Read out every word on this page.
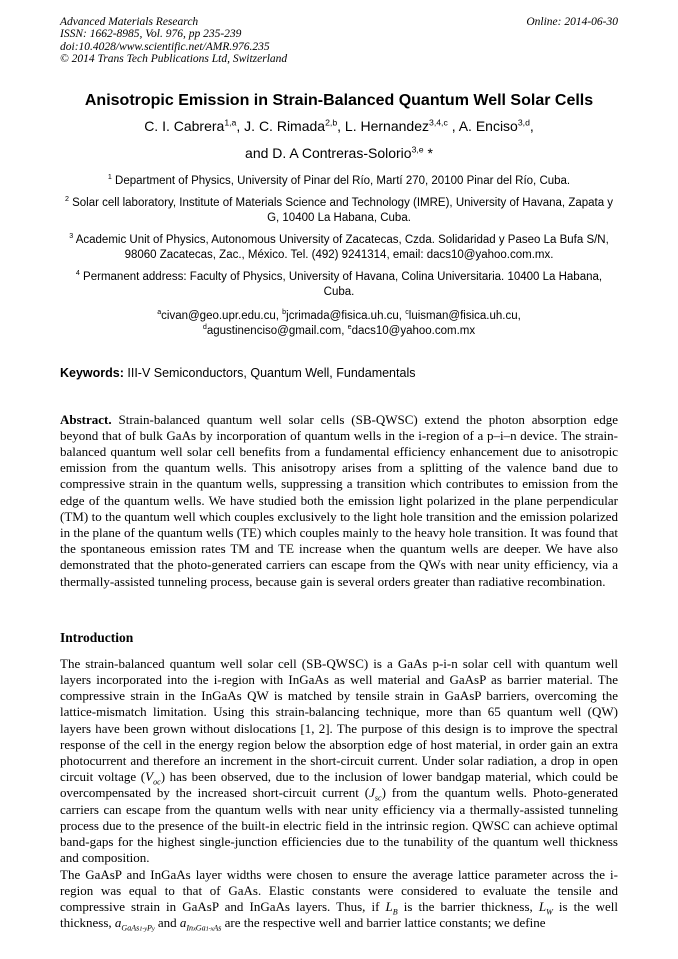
Advanced Materials Research
ISSN: 1662-8985, Vol. 976, pp 235-239
doi:10.4028/www.scientific.net/AMR.976.235
© 2014 Trans Tech Publications Ltd, Switzerland
Online: 2014-06-30
Anisotropic Emission in Strain-Balanced Quantum Well Solar Cells
C. I. Cabrera$^{1,a}$, J. C. Rimada$^{2,b}$, L. Hernandez$^{3,4,c}$ , A. Enciso$^{3,d}$,
and D. A Contreras-Solorio$^{3,e}$ *

$^1$ Department of Physics, University of Pinar del Río, Martí 270, 20100 Pinar del Río, Cuba.

$^2$ Solar cell laboratory, Institute of Materials Science and Technology (IMRE), University of Havana, Zapata y G, 10400 La Habana, Cuba.

$^3$ Academic Unit of Physics, Autonomous University of Zacatecas, Czda. Solidaridad y Paseo La Bufa S/N, 98060 Zacatecas, Zac., México. Tel. (492) 9241314, email: dacs10@yahoo.com.mx.

$^4$ Permanent address: Faculty of Physics, University of Havana, Colina Universitaria. 10400 La Habana, Cuba.

$^a$civan@geo.upr.edu.cu, $^b$jcrimada@fisica.uh.cu, $^c$luisman@fisica.uh.cu,
$^d$agustinenciso@gmail.com, $^e$dacs10@yahoo.com.mx

Keywords: III-V Semiconductors, Quantum Well, Fundamentals

Abstract. Strain-balanced quantum well solar cells (SB-QWSC) extend the photon absorption edge beyond that of bulk GaAs by incorporation of quantum wells in the i-region of a p–i–n device. The strain-balanced quantum well solar cell benefits from a fundamental efficiency enhancement due to anisotropic emission from the quantum wells. This anisotropy arises from a splitting of the valence band due to compressive strain in the quantum wells, suppressing a transition which contributes to emission from the edge of the quantum wells. We have studied both the emission light polarized in the plane perpendicular (TM) to the quantum well which couples exclusively to the light hole transition and the emission polarized in the plane of the quantum wells (TE) which couples mainly to the heavy hole transition. It was found that the spontaneous emission rates TM and TE increase when the quantum wells are deeper. We have also demonstrated that the photo-generated carriers can escape from the QWs with near unity efficiency, via a thermally-assisted tunneling process, because gain is several orders greater than radiative recombination.

Introduction

The strain-balanced quantum well solar cell (SB-QWSC) is a GaAs p-i-n solar cell with quantum well layers incorporated into the i-region with InGaAs as well material and GaAsP as barrier material. The compressive strain in the InGaAs QW is matched by tensile strain in GaAsP barriers, overcoming the lattice-mismatch limitation. Using this strain-balancing technique, more than 65 quantum well (QW) layers have been grown without dislocations [1, 2]. The purpose of this design is to improve the spectral response of the cell in the energy region below the absorption edge of host material, in order gain an extra photocurrent and therefore an increment in the short-circuit current. Under solar radiation, a drop in open circuit voltage $(V_{oc})$ has been observed, due to the inclusion of lower bandgap material, which could be overcompensated by the increased short-circuit current $(J_{sc})$ from the quantum wells. Photo-generated carriers can escape from the quantum wells with near unity efficiency via a thermally-assisted tunneling process due to the presence of the built-in electric field in the intrinsic region. QWSC can achieve optimal band-gaps for the highest single-junction efficiencies due to the tunability of the quantum well thickness and composition.

The GaAsP and InGaAs layer widths were chosen to ensure the average lattice parameter across the i-region was equal to that of GaAs. Elastic constants were considered to evaluate the tensile and compressive strain in GaAsP and InGaAs layers. Thus, if $L_B$ is the barrier thickness, $L_W$ is the well thickness, $a_{GaAs1-yPy}$ and $a_{InxGa1-xAs}$ are the respective well and barrier lattice constants; we define
